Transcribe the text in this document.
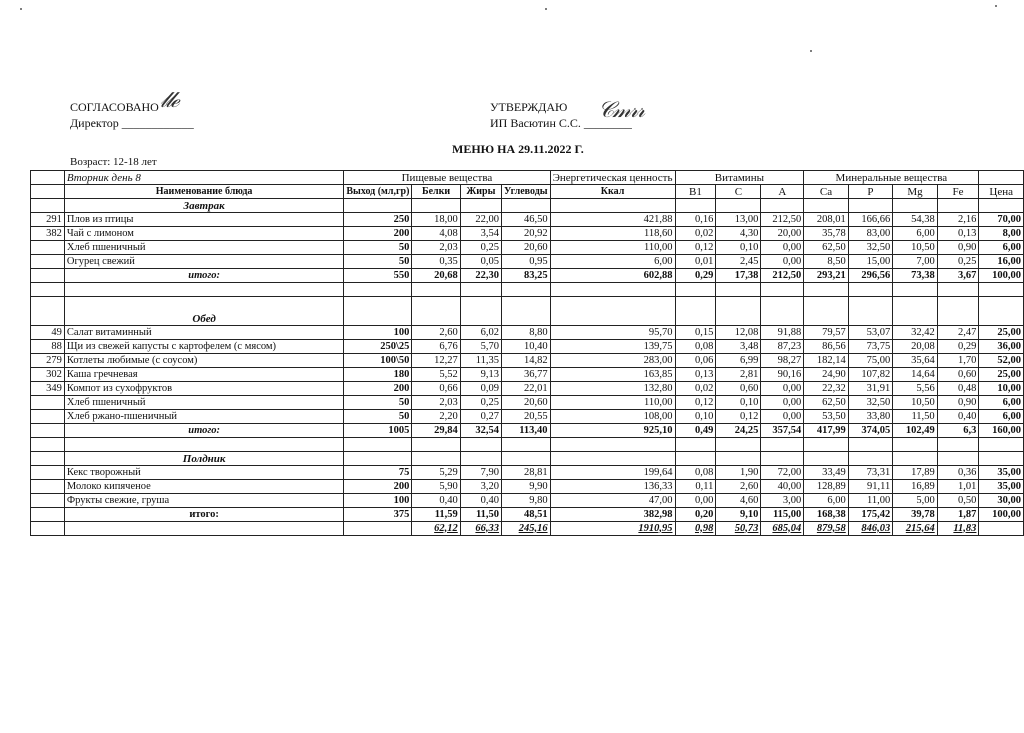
СОГЛАСОВАНО
Директор ____________
𝓁𝓁ℯ	УТВЕРЖДАЮ
ИП Васютин С.С. ________
𝒞𝓂𝓇𝓇
МЕНЮ НА 29.11.2022 Г.
Возраст: 12-18 лет
	Вторник день 8	Пищевые вещества				Энергетическая ценность	Витамины			Минеральные вещества				
	Наименование блюда	Выход (мл,гр)	Белки	Жиры	Углеводы	Ккал	B1	C	A	Ca	P	Mg	Fe	Цена
	Завтрак													
291	Плов из птицы	250	18,00	22,00	46,50	421,88	0,16	13,00	212,50	208,01	166,66	54,38	2,16	70,00
382	Чай с лимоном	200	4,08	3,54	20,92	118,60	0,02	4,30	20,00	35,78	83,00	6,00	0,13	8,00
	Хлеб пшеничный	50	2,03	0,25	20,60	110,00	0,12	0,10	0,00	62,50	32,50	10,50	0,90	6,00
	Огурец свежий	50	0,35	0,05	0,95	6,00	0,01	2,45	0,00	8,50	15,00	7,00	0,25	16,00
	итого:	550	20,68	22,30	83,25	602,88	0,29	17,38	212,50	293,21	296,56	73,38	3,67	100,00

	Обед													
49	Салат витаминный	100	2,60	6,02	8,80	95,70	0,15	12,08	91,88	79,57	53,07	32,42	2,47	25,00
88	Щи из свежей капусты с картофелем (с мясом)	250\25	6,76	5,70	10,40	139,75	0,08	3,48	87,23	86,56	73,75	20,08	0,29	36,00
279	Котлеты любимые (с соусом)	100\50	12,27	11,35	14,82	283,00	0,06	6,99	98,27	182,14	75,00	35,64	1,70	52,00
302	Каша гречневая	180	5,52	9,13	36,77	163,85	0,13	2,81	90,16	24,90	107,82	14,64	0,60	25,00
349	Компот из сухофруктов	200	0,66	0,09	22,01	132,80	0,02	0,60	0,00	22,32	31,91	5,56	0,48	10,00
	Хлеб пшеничный	50	2,03	0,25	20,60	110,00	0,12	0,10	0,00	62,50	32,50	10,50	0,90	6,00
	Хлеб ржано-пшеничный	50	2,20	0,27	20,55	108,00	0,10	0,12	0,00	53,50	33,80	11,50	0,40	6,00
	итого:	1005	29,84	32,54	113,40	925,10	0,49	24,25	357,54	417,99	374,05	102,49	6,3	160,00

	Полдник													
	Кекс творожный	75	5,29	7,90	28,81	199,64	0,08	1,90	72,00	33,49	73,31	17,89	0,36	35,00
	Молоко кипяченое	200	5,90	3,20	9,90	136,33	0,11	2,60	40,00	128,89	91,11	16,89	1,01	35,00
	Фрукты свежие, груша	100	0,40	0,40	9,80	47,00	0,00	4,60	3,00	6,00	11,00	5,00	0,50	30,00
	итого:	375	11,59	11,50	48,51	382,98	0,20	9,10	115,00	168,38	175,42	39,78	1,87	100,00
			62,12	66,33	245,16	1910,95	0,98	50,73	685,04	879,58	846,03	215,64	11,83	
